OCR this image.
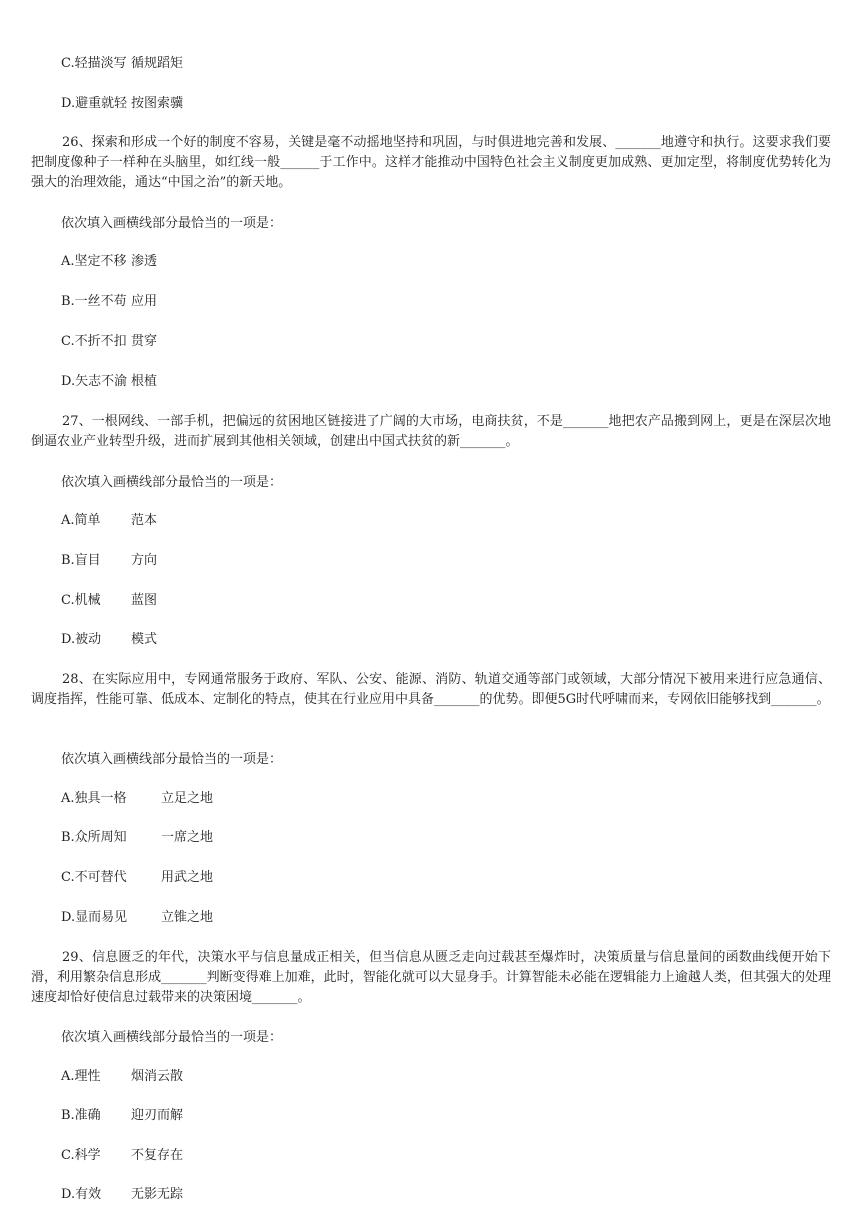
C.轻描淡写 循规蹈矩
D.避重就轻 按图索骥
26、探索和形成一个好的制度不容易，关键是毫不动摇地坚持和巩固，与时俱进地完善和发展、_______地遵守和执行。这要求我们要把制度像种子一样种在头脑里，如红线一般______于工作中。这样才能推动中国特色社会主义制度更加成熟、更加定型，将制度优势转化为强大的治理效能，通达“中国之治”的新天地。
依次填入画横线部分最恰当的一项是：
A.坚定不移 渗透
B.一丝不苟 应用
C.不折不扣 贯穿
D.矢志不渝 根植
27、一根网线、一部手机，把偏远的贫困地区链接进了广阔的大市场，电商扶贫，不是_______地把农产品搬到网上，更是在深层次地倒逼农业产业转型升级，进而扩展到其他相关领域，创建出中国式扶贫的新_______。
依次填入画横线部分最恰当的一项是：
A.简单 范本
B.盲目 方向
C.机械 蓝图
D.被动 模式
28、在实际应用中，专网通常服务于政府、军队、公安、能源、消防、轨道交通等部门或领域，大部分情况下被用来进行应急通信、调度指挥，性能可靠、低成本、定制化的特点，使其在行业应用中具备_______的优势。即便5G时代呼啸而来，专网依旧能够找到_______。
依次填入画横线部分最恰当的一项是：
A.独具一格	立足之地
B.众所周知	一席之地
C.不可替代	用武之地
D.显而易见	立锥之地
29、信息匮乏的年代，决策水平与信息量成正相关，但当信息从匮乏走向过载甚至爆炸时，决策质量与信息量间的函数曲线便开始下滑，利用繁杂信息形成_______判断变得难上加难，此时，智能化就可以大显身手。计算智能未必能在逻辑能力上逾越人类，但其强大的处理速度却恰好使信息过载带来的决策困境_______。
依次填入画横线部分最恰当的一项是：
A.理性 烟消云散
B.准确 迎刃而解
C.科学 不复存在
D.有效 无影无踪
